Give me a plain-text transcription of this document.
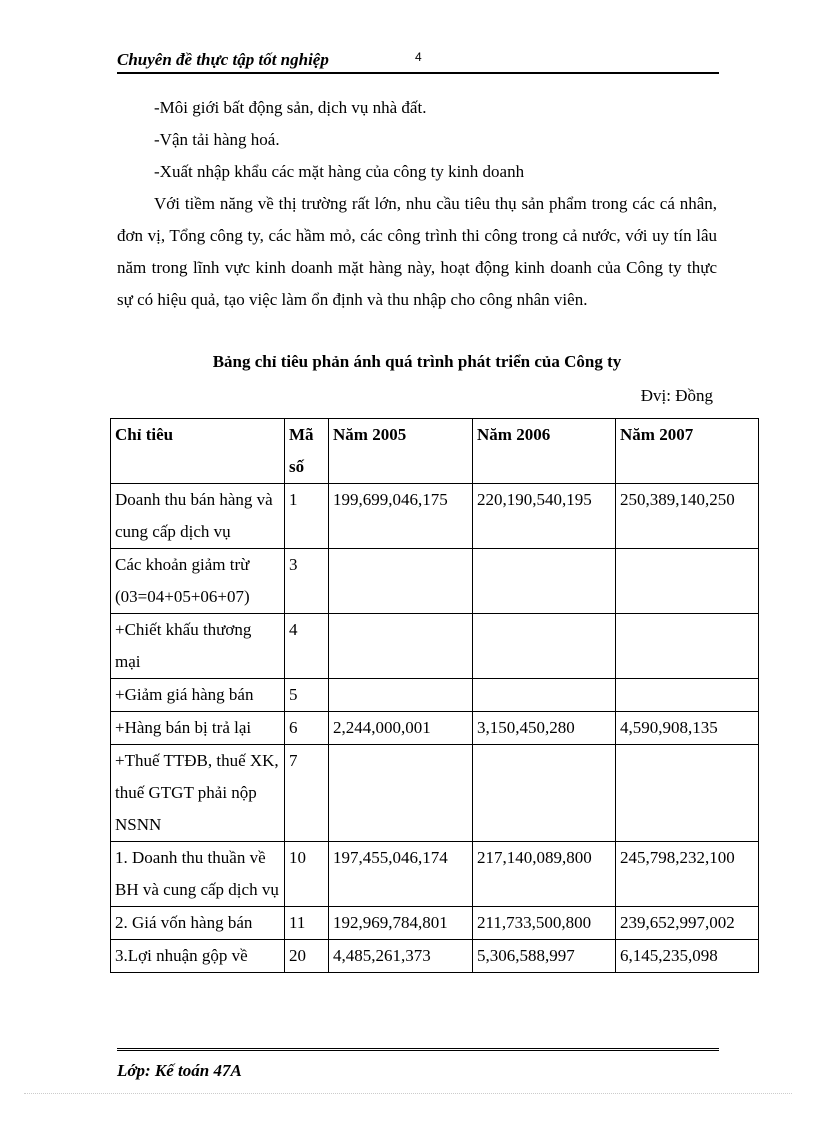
Chuyên đề thực tập tốt nghiệp	4

-Môi giới bất động sản, dịch vụ nhà đất.

-Vận tải hàng hoá.

-Xuất nhập khẩu các mặt hàng của công ty kinh doanh

Với tiềm năng về thị trường rất lớn, nhu cầu tiêu thụ sản phẩm trong các cá nhân, đơn vị, Tổng công ty, các hầm mỏ, các công trình thi công trong cả nước, với uy tín lâu năm trong lĩnh vực kinh doanh mặt hàng này, hoạt động kinh doanh của Công ty thực sự có hiệu quả, tạo việc làm ổn định và thu nhập cho công nhân viên.

Bảng chỉ tiêu phản ánh quá trình phát triển của Công ty
Đvị: Đồng
Chỉ tiêu	Mã số	Năm 2005	Năm 2006	Năm 2007
Doanh thu bán hàng và cung cấp dịch vụ	1	199,699,046,175	220,190,540,195	250,389,140,250
Các khoản giảm trừ (03=04+05+06+07)	3			
+Chiết khấu thương mại	4			
+Giảm giá hàng bán	5			
+Hàng bán bị trả lại	6	2,244,000,001	3,150,450,280	4,590,908,135
+Thuế TTĐB, thuế XK, thuế GTGT phải nộp NSNN	7			
1. Doanh thu thuần về BH và cung cấp dịch vụ	10	197,455,046,174	217,140,089,800	245,798,232,100
2. Giá vốn hàng bán	11	192,969,784,801	211,733,500,800	239,652,997,002
3.Lợi nhuận gộp về	20	4,485,261,373	5,306,588,997	6,145,235,098
Lớp: Kế toán 47A
